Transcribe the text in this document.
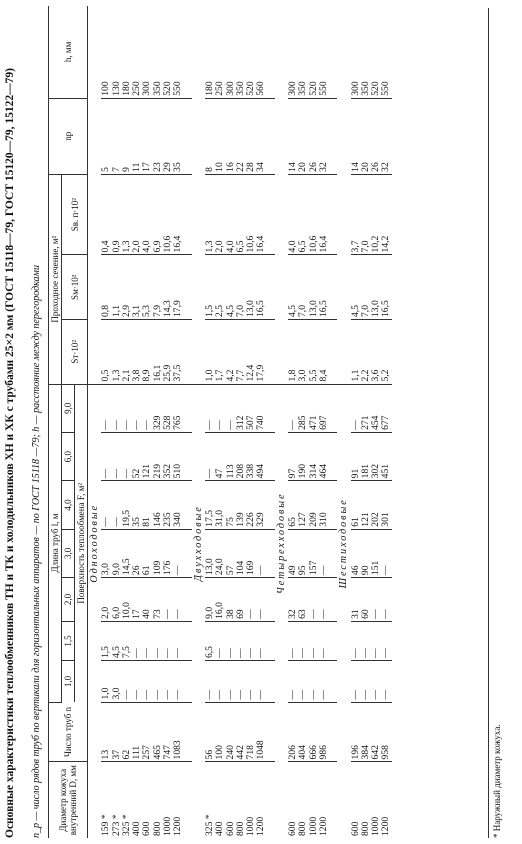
Основные характеристики теплообменников ТН и ТК и холодильников ХН и ХК с трубами 25×2 мм (ГОСТ 15118—79, ГОСТ 15120—79, 15122—79) n_р — число рядов труб по вертикали для горизонтальных аппаратов — по ГОСТ 15118 —79; h — расстояние между перегородками Диаметр кожуха внутренний D, мм	Число труб n	Длина труб l, м							Проходное сечение, м²			nр	h, мм
		1,0	1,5	2,0	3,0	4,0	6,0	9,0	Sт·10²	Sм·10²	Sв. п·10²		
		Поверхность теплообмена F, м²											
		Одноходовые											
159 *	13	1,0	1,5	2,0	3,0	—	—	—	0,5	0,8	0,4	5	100
273 *	37	3,0	4,5	6,0	9,0	—	—	—	1,3	1,1	0,9	7	130
325 *	62	—	7,5	10,0	14,5	19,5	—	—	2,1	2,9	1,3	9	180
400	111	—	—	17	26	35	52	—	3,8	3,1	2,0	11	250
600	257	—	—	40	61	81	121	—	8,9	5,3	4,0	17	300
800	465	—	—	73	109	146	219	329	16,1	7,9	6,9	23	350
1000	747	—	—	—	176	235	352	528	25,9	14,3	10,6	29	520
1200	1083	—	—	—	—	340	510	765	37,5	17,9	16,4	35	550

		Двухходовые											
325 *	56	—	6,5	9,0	13,0	17,5	—	—	1,0	1,5	1,3	8	180
400	100	—	—	16,0	24,0	31,0	47	—	1,7	2,5	2,0	10	250
600	240	—	—	38	57	75	113	—	4,2	4,5	4,0	16	300
800	442	—	—	69	104	139	208	312	7,7	7,0	6,5	22	350
1000	718	—	—	—	169	226	338	507	12,4	13,0	10,6	28	520
1200	1048	—	—	—	—	329	494	740	17,9	16,5	16,4	34	560

		Четырехходовые											
600	206	—	—	32	49	65	97	—	1,8	4,5	4,0	14	300
800	404	—	—	63	95	127	190	285	3,0	7,0	6,5	20	350
1000	666	—	—	—	157	209	314	471	5,5	13,0	10,6	26	520
1200	986	—	—	—	—	310	464	697	8,4	16,5	16,4	32	550

		Шестиходовые											
600	196	—	—	31	46	61	91	—	1,1	4,5	3,7	14	300
800	384	—	—	60	90	121	181	271	2,2	7,0	7,0	20	350
1000	642	—	—	—	151	202	302	454	3,6	13,0	10,2	26	520
1200	958	—	—	—	—	301	451	677	5,2	16,5	14,2	32	550
* Наружный диаметр кожуха.
